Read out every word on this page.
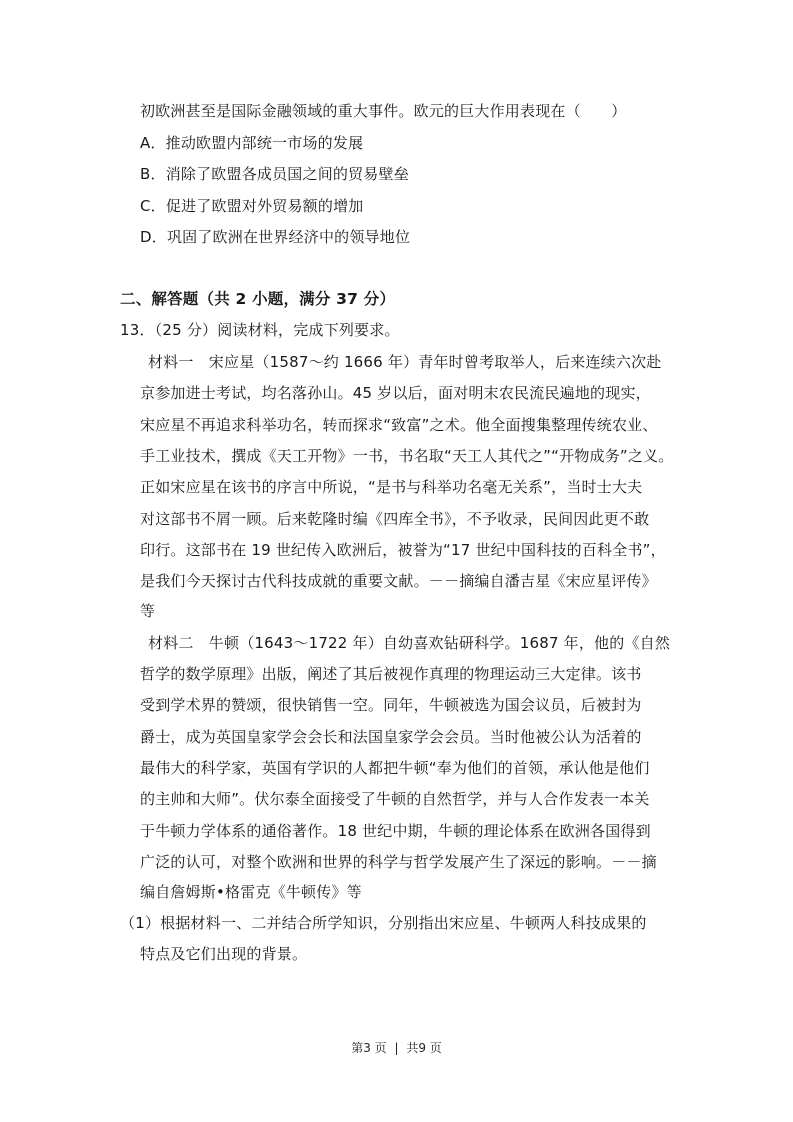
初欧洲甚至是国际金融领域的重大事件。欧元的巨大作用表现在（　　）
A．推动欧盟内部统一市场的发展
B．消除了欧盟各成员国之间的贸易壁垒
C．促进了欧盟对外贸易额的增加
D．巩固了欧洲在世界经济中的领导地位
二、解答题（共 2 小题，满分 37 分）
13．（25 分）阅读材料，完成下列要求。
材料一　宋应星（1587～约 1666 年）青年时曾考取举人，后来连续六次赴
京参加进士考试，均名落孙山。45 岁以后，面对明末农民流民遍地的现实，
宋应星不再追求科举功名，转而探求“致富”之术。他全面搜集整理传统农业、
手工业技术，撰成《天工开物》一书，书名取“天工人其代之”“开物成务”之义。
正如宋应星在该书的序言中所说，“是书与科举功名毫无关系”，当时士大夫
对这部书不屑一顾。后来乾隆时编《四库全书》，不予收录，民间因此更不敢
印行。这部书在 19 世纪传入欧洲后，被誉为“17 世纪中国科技的百科全书”，
是我们今天探讨古代科技成就的重要文献。－－摘编自潘吉星《宋应星评传》
等
材料二　牛顿（1643～1722 年）自幼喜欢钻研科学。1687 年，他的《自然
哲学的数学原理》出版，阐述了其后被视作真理的物理运动三大定律。该书
受到学术界的赞颂，很快销售一空。同年，牛顿被选为国会议员，后被封为
爵士，成为英国皇家学会会长和法国皇家学会会员。当时他被公认为活着的
最伟大的科学家，英国有学识的人都把牛顿“奉为他们的首领，承认他是他们
的主帅和大师”。伏尔泰全面接受了牛顿的自然哲学，并与人合作发表一本关
于牛顿力学体系的通俗著作。18 世纪中期，牛顿的理论体系在欧洲各国得到
广泛的认可，对整个欧洲和世界的科学与哲学发展产生了深远的影响。－－摘
编自詹姆斯•格雷克《牛顿传》等
（1）根据材料一、二并结合所学知识，分别指出宋应星、牛顿两人科技成果的
特点及它们出现的背景。
第3 页 | 共9 页
